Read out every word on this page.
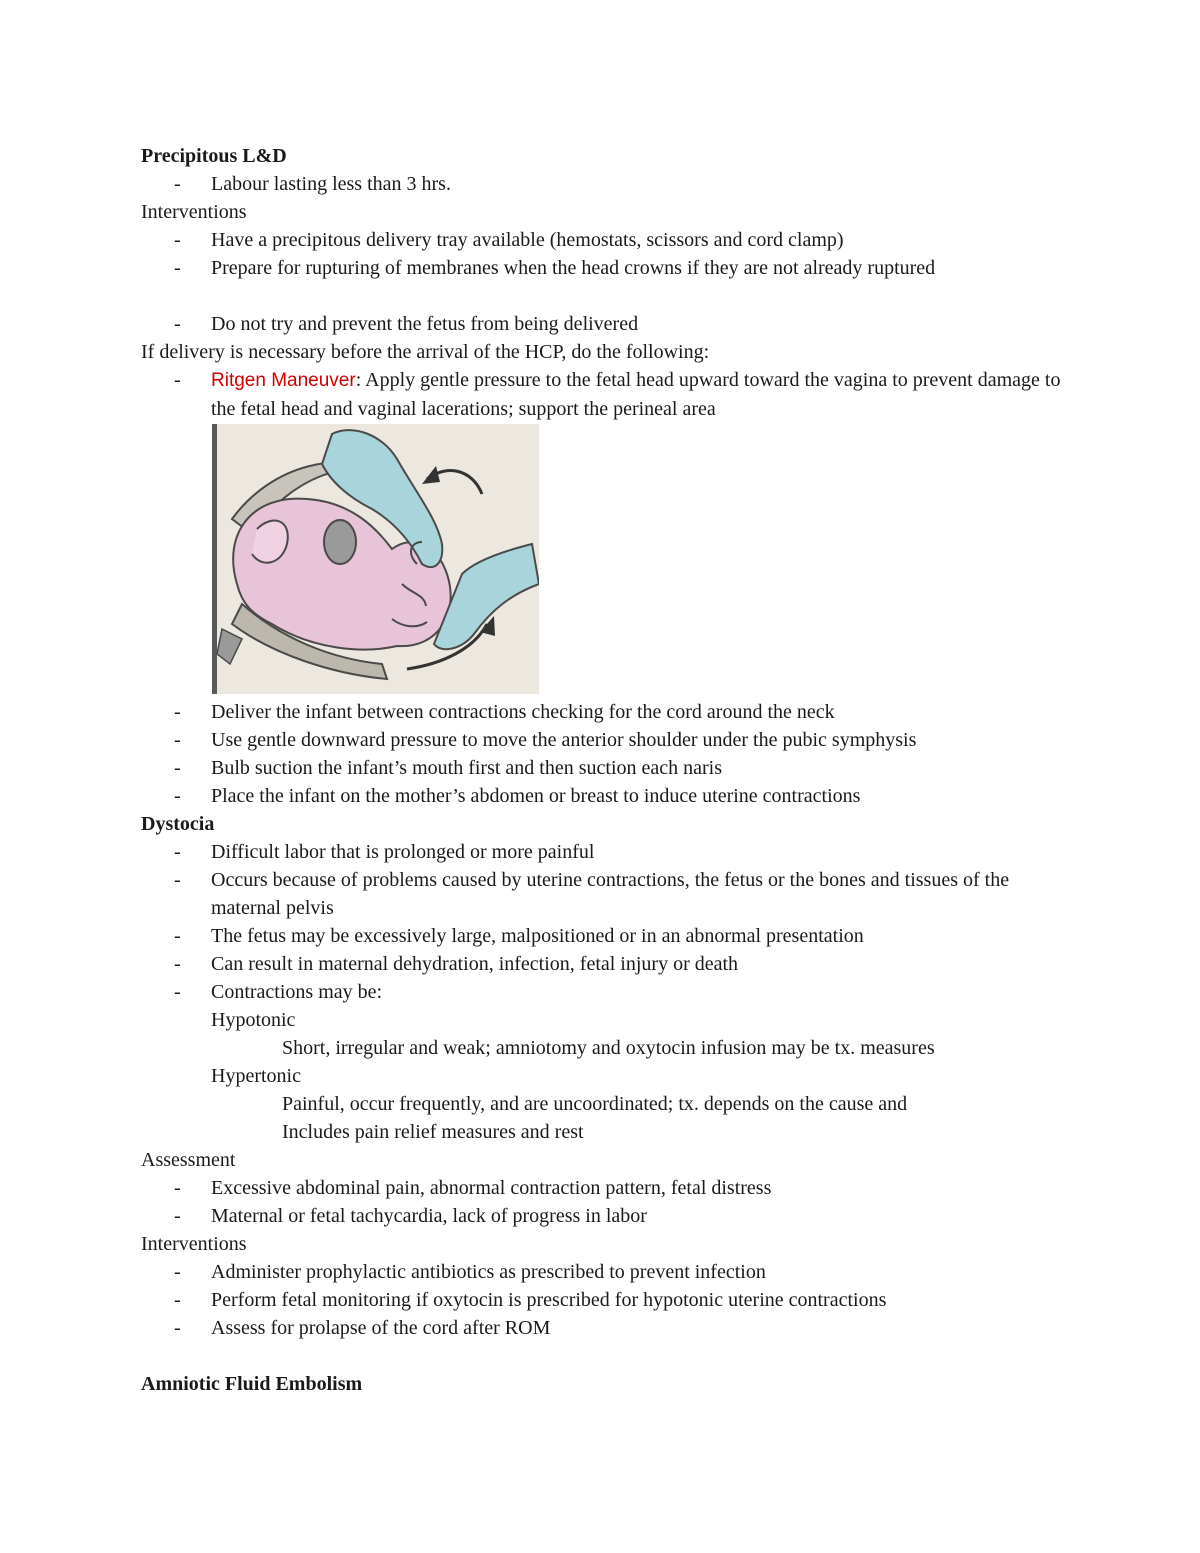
Precipitous L&D
- Labour lasting less than 3 hrs.
Interventions
- Have a precipitous delivery tray available (hemostats, scissors and cord clamp)
- Prepare for rupturing of membranes when the head crowns if they are not already ruptured
- Do not try and prevent the fetus from being delivered
If delivery is necessary before the arrival of the HCP, do the following:
- Ritgen Maneuver: Apply gentle pressure to the fetal head upward toward the vagina to prevent damage to the fetal head and vaginal lacerations; support the perineal area
- Deliver the infant between contractions checking for the cord around the neck
- Use gentle downward pressure to move the anterior shoulder under the pubic symphysis
- Bulb suction the infant’s mouth first and then suction each naris
- Place the infant on the mother’s abdomen or breast to induce uterine contractions
Dystocia
- Difficult labor that is prolonged or more painful
- Occurs because of problems caused by uterine contractions, the fetus or the bones and tissues of the maternal pelvis
- The fetus may be excessively large, malpositioned or in an abnormal presentation
- Can result in maternal dehydration, infection, fetal injury or death
- Contractions may be:
Hypotonic
Short, irregular and weak; amniotomy and oxytocin infusion may be tx. measures
Hypertonic
Painful, occur frequently, and are uncoordinated; tx. depends on the cause and
Includes pain relief measures and rest
Assessment
- Excessive abdominal pain, abnormal contraction pattern, fetal distress
- Maternal or fetal tachycardia, lack of progress in labor
Interventions
- Administer prophylactic antibiotics as prescribed to prevent infection
- Perform fetal monitoring if oxytocin is prescribed for hypotonic uterine contractions
- Assess for prolapse of the cord after ROM
Amniotic Fluid Embolism
